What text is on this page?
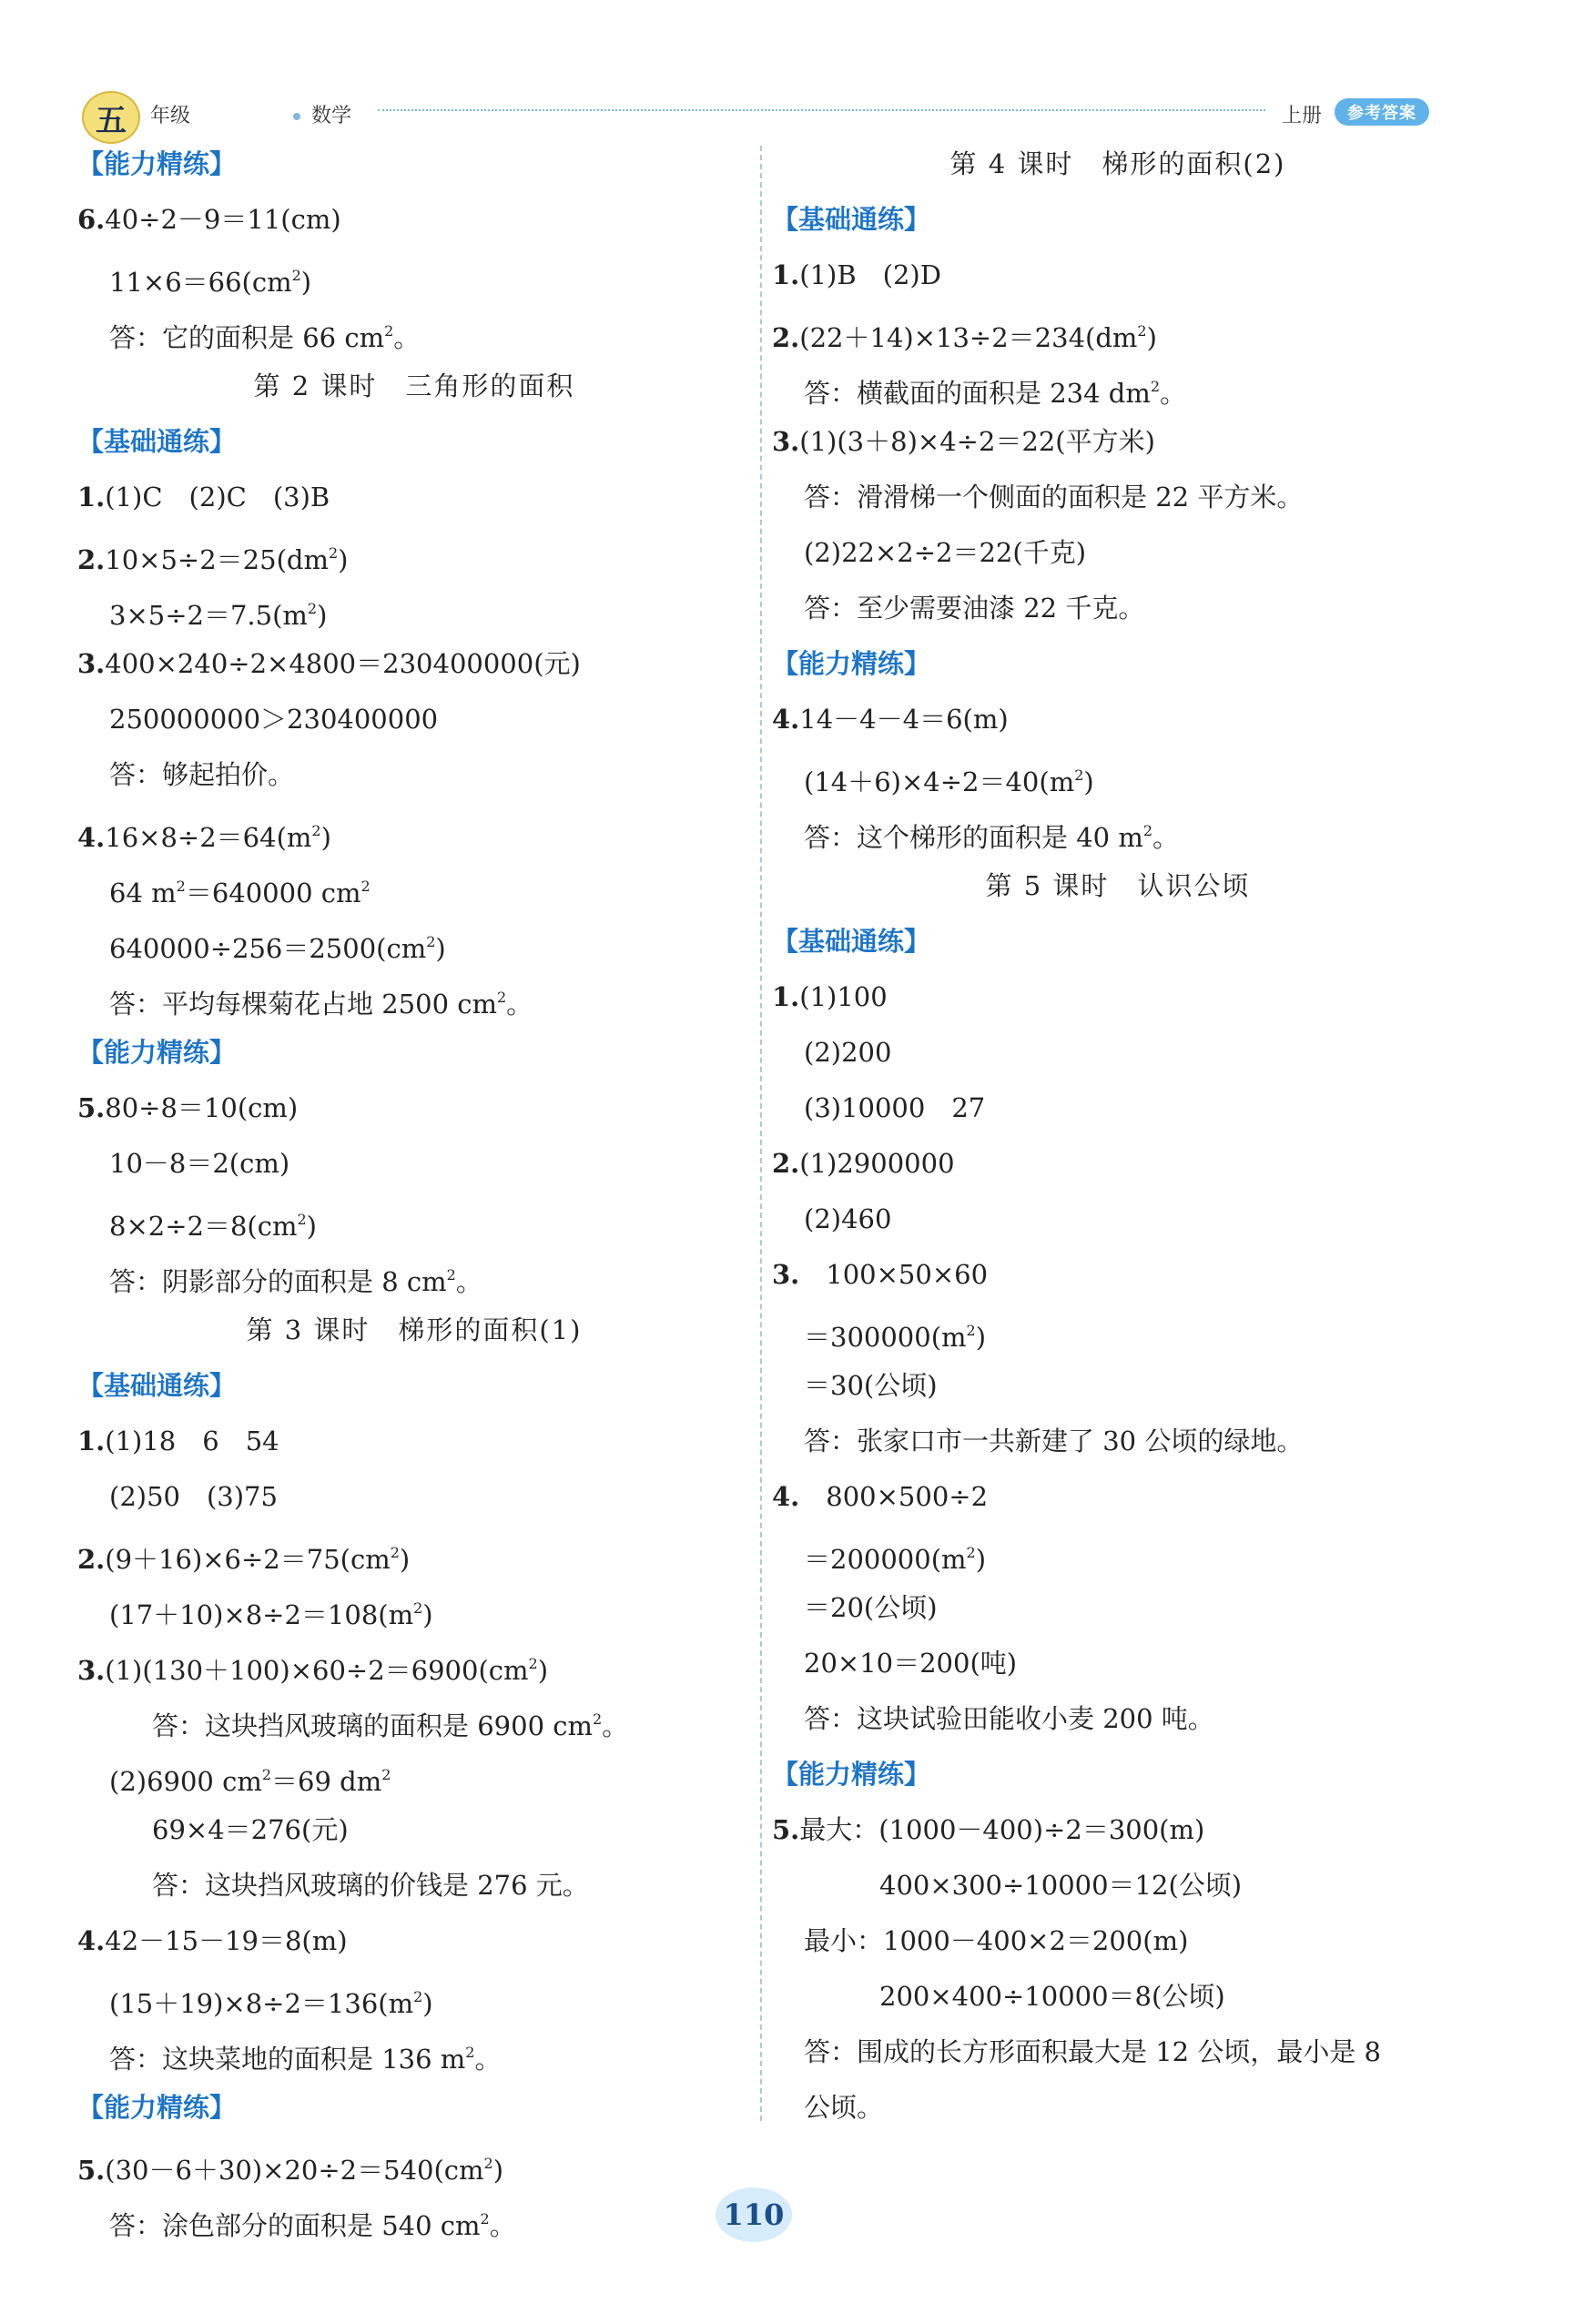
五	年级	数学	上册	参考答案
【能力精练】
6.40÷2－9＝11(cm)
$11\times 6=66(cm^2)$
答：它的面积是 66 $cm^2$。
第 2 课时　三角形的面积
【基础通练】
1.(1)C　(2)C　(3)B
$2.10\times 5\div 2=25(dm^2)$
$3\times 5\div 2=7.5(m^2)$
3.400×240÷2×4800＝230400000(元)
250000000＞230400000
答：够起拍价。
$4.16\times 8\div 2=64(m^2)$
64 $m^2=640000$ $cm^2$
$640000\div 256=2500(cm^2)$
答：平均每棵菊花占地 2500 $cm^2$。
【能力精练】
5.80÷8＝10(cm)
10－8＝2(cm)
$8\times 2\div 2=8(cm^2)$
答：阴影部分的面积是 8 $cm^2$。
第 3 课时　梯形的面积(1)
【基础通练】
1.(1)18　6　54
(2)50　(3)75
$2.(9+16)\times 6\div 2=75(cm^2)$
$(17+10)\times 8\div 2=108(m^2)$
$3.(1)(130+100)\times 60\div 2=6900(cm^2)$
答：这块挡风玻璃的面积是 6900 $cm^2$。
(2)6900 $cm^2=69$ $dm^2$
69×4＝276(元)
答：这块挡风玻璃的价钱是 276 元。
4.42－15－19＝8(m)
$(15+19)\times 8\div 2=136(m^2)$
答：这块菜地的面积是 136 $m^2$。
【能力精练】
$5.(30-6+30)\times 20\div 2=540(cm^2)$
答：涂色部分的面积是 540 $cm^2$。
第 4 课时　梯形的面积(2)
【基础通练】
1.(1)B　(2)D
$2.(22+14)\times 13\div 2=234(dm^2)$
答：横截面的面积是 234 $dm^2$。
3.(1)(3＋8)×4÷2＝22(平方米)
答：滑滑梯一个侧面的面积是 22 平方米。
(2)22×2÷2＝22(千克)
答：至少需要油漆 22 千克。
【能力精练】
4.14－4－4＝6(m)
$(14+6)\times 4\div 2=40(m^2)$
答：这个梯形的面积是 40 $m^2$。
第 5 课时　认识公顷
【基础通练】
1.(1)100
(2)200
(3)10000　27
2.(1)2900000
(2)460
3.　100×50×60
$=300000(m^2)$
＝30(公顷)
答：张家口市一共新建了 30 公顷的绿地。
4.　800×500÷2
$=200000(m^2)$
＝20(公顷)
20×10＝200(吨)
答：这块试验田能收小麦 200 吨。
【能力精练】
5.最大：(1000－400)÷2＝300(m)
400×300÷10000＝12(公顷)
最小：1000－400×2＝200(m)
200×400÷10000＝8(公顷)
答：围成的长方形面积最大是 12 公顷，最小是 8
公顷。
110
